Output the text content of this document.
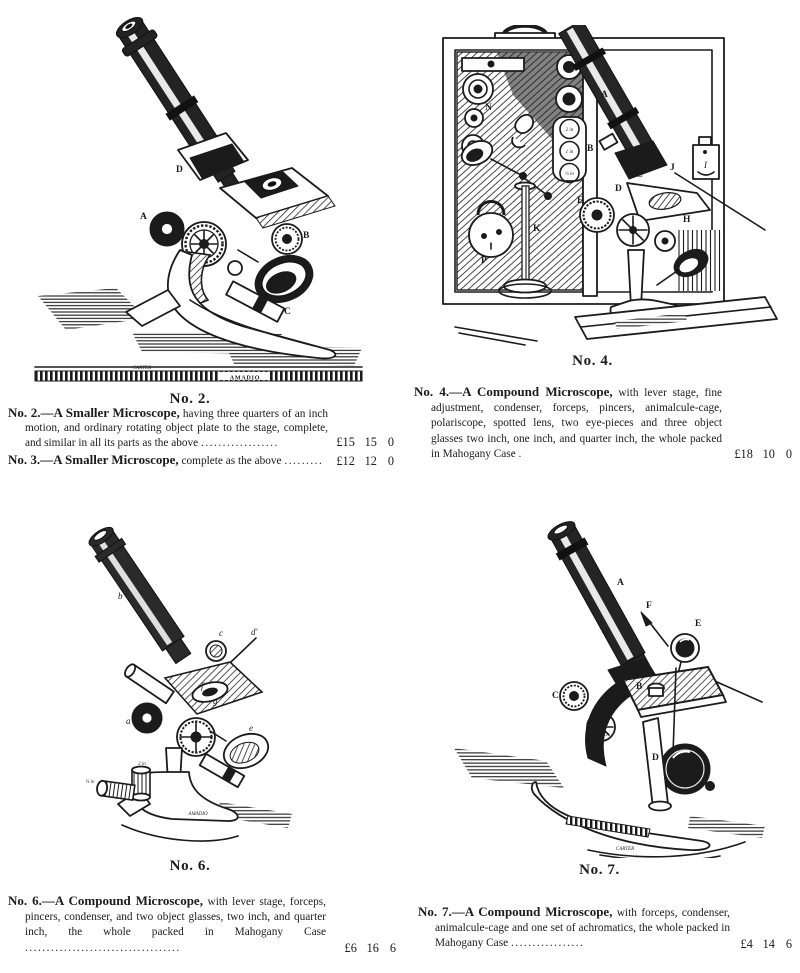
CARTER
AMADIO
A
B
C
D
No. 2.
2 in
1 in
¼ in
I
A
B
C
D
E
H
J
K
N
P
No. 4.
AMADIO
2 in
¼ in
b
c	d′
f
g
a
e
No. 6.
AMADIO
CARTER
A
F
E
C
B
D
No. 7.

No. 2.—A Smaller Microscope, having three quarters of an inch motion, and ordinary rotating object plate to the stage, complete, and similar in all its parts as the above ..................	£15 15 0

No. 3.—A Smaller Microscope, complete as the above .........	£12 12 0

No. 4.—A Compound Microscope, with lever stage, fine adjustment, condenser, forceps, pincers, animalcule-cage, polariscope, spotted lens, two eye-pieces and three object glasses two inch, one inch, and quarter inch, the whole packed in Mahogany Case .	£18 10 0

No. 6.—A Compound Microscope, with lever stage, forceps, pincers, condenser, and two object glasses, two inch, and quarter inch, the whole packed in Mahogany Case ....................................	£6 16 6

No. 7.—A Compound Microscope, with forceps, condenser, animalcule-cage and one set of achromatics, the whole packed in Mahogany Case .................	£4 14 6
